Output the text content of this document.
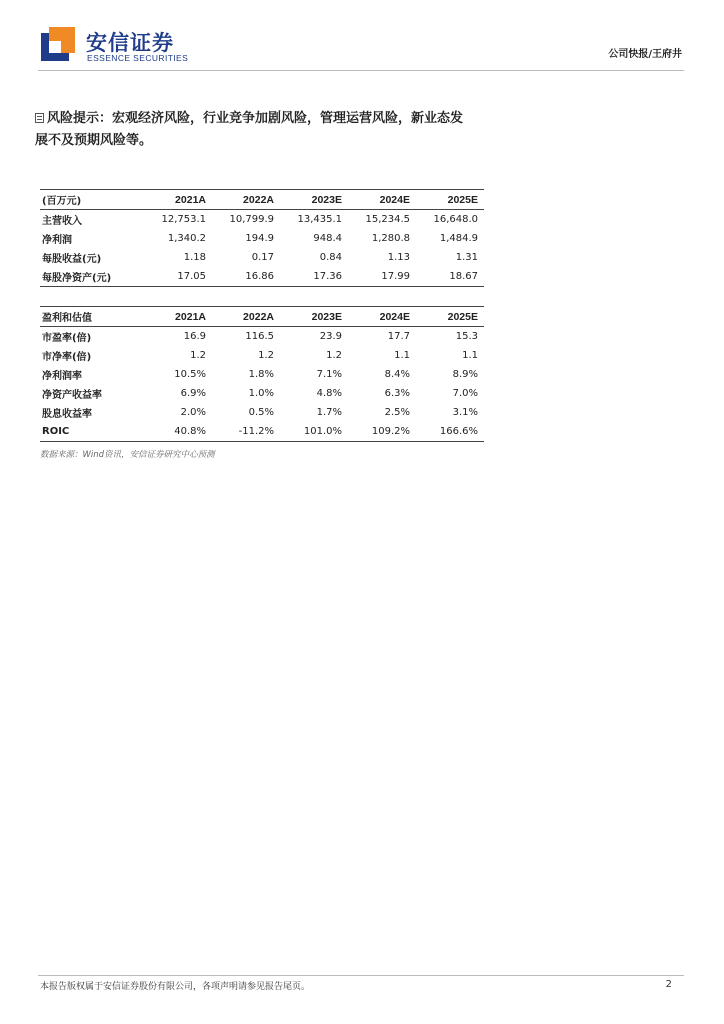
安信证券
ESSENCE SECURITIES	公司快报/王府井
风险提示：宏观经济风险，行业竞争加剧风险，管理运营风险，新业态发展不及预期风险等。
(百万元)	2021A	2022A	2023E	2024E	2025E
主营收入	12,753.1	10,799.9	13,435.1	15,234.5	16,648.0
净利润	1,340.2	194.9	948.4	1,280.8	1,484.9
每股收益(元)	1.18	0.17	0.84	1.13	1.31
每股净资产(元)	17.05	16.86	17.36	17.99	18.67
盈利和估值	2021A	2022A	2023E	2024E	2025E
市盈率(倍)	16.9	116.5	23.9	17.7	15.3
市净率(倍)	1.2	1.2	1.2	1.1	1.1
净利润率	10.5%	1.8%	7.1%	8.4%	8.9%
净资产收益率	6.9%	1.0%	4.8%	6.3%	7.0%
股息收益率	2.0%	0.5%	1.7%	2.5%	3.1%
ROIC	40.8%	-11.2%	101.0%	109.2%	166.6%
数据来源：Wind资讯，安信证券研究中心预测
本报告版权属于安信证券股份有限公司，各项声明请参见报告尾页。	2
